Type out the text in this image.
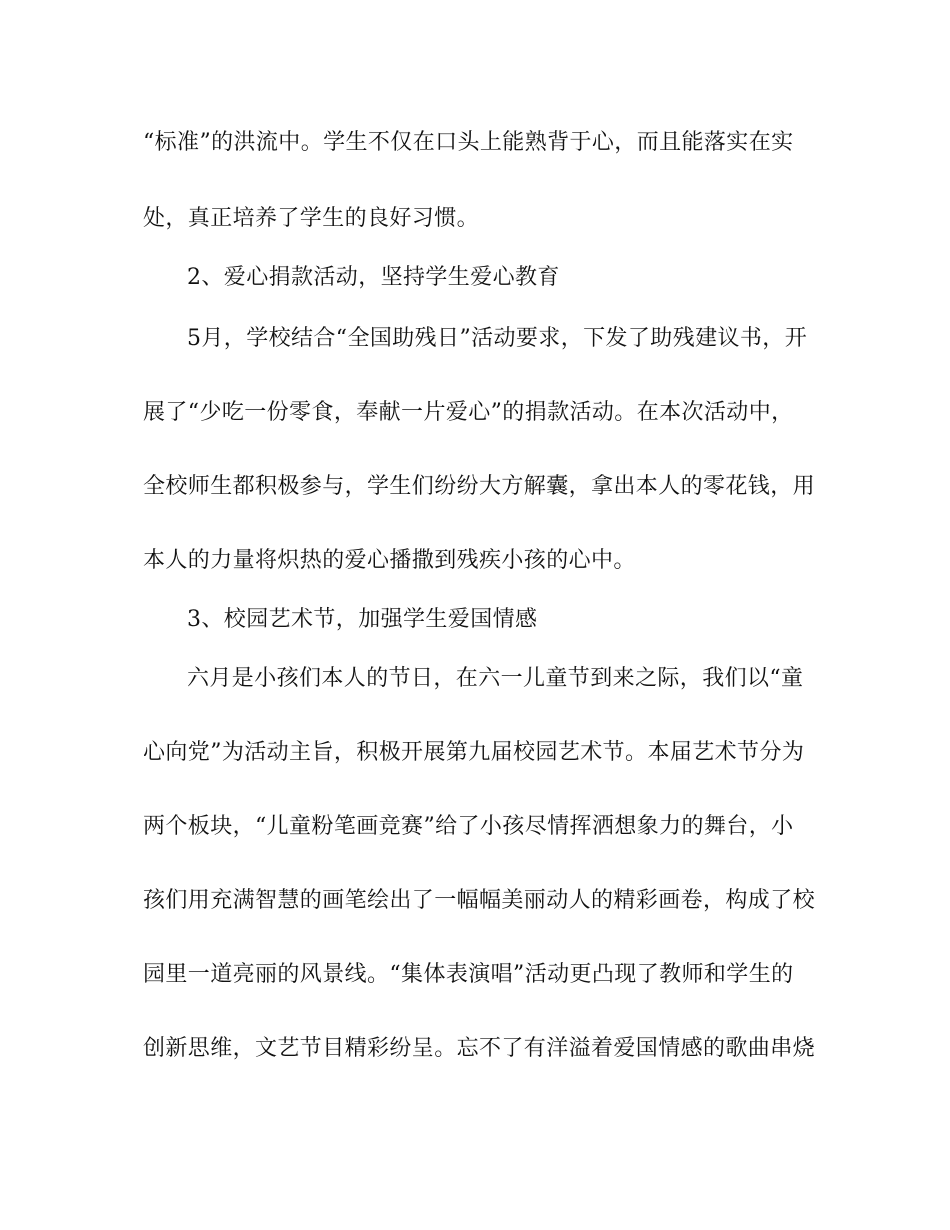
“标准”的洪流中。学生不仅在口头上能熟背于心，而且能落实在实
处，真正培养了学生的良好习惯。
2、爱心捐款活动，坚持学生爱心教育
5月，学校结合“全国助残日”活动要求，下发了助残建议书，开
展了“少吃一份零食，奉献一片爱心”的捐款活动。在本次活动中，
全校师生都积极参与，学生们纷纷大方解囊，拿出本人的零花钱，用
本人的力量将炽热的爱心播撒到残疾小孩的心中。
3、校园艺术节，加强学生爱国情感
六月是小孩们本人的节日，在六一儿童节到来之际，我们以“童
心向党”为活动主旨，积极开展第九届校园艺术节。本届艺术节分为
两个板块，“儿童粉笔画竞赛”给了小孩尽情挥洒想象力的舞台，小
孩们用充满智慧的画笔绘出了一幅幅美丽动人的精彩画卷，构成了校
园里一道亮丽的风景线。“集体表演唱”活动更凸现了教师和学生的
创新思维，文艺节目精彩纷呈。忘不了有洋溢着爱国情感的歌曲串烧
